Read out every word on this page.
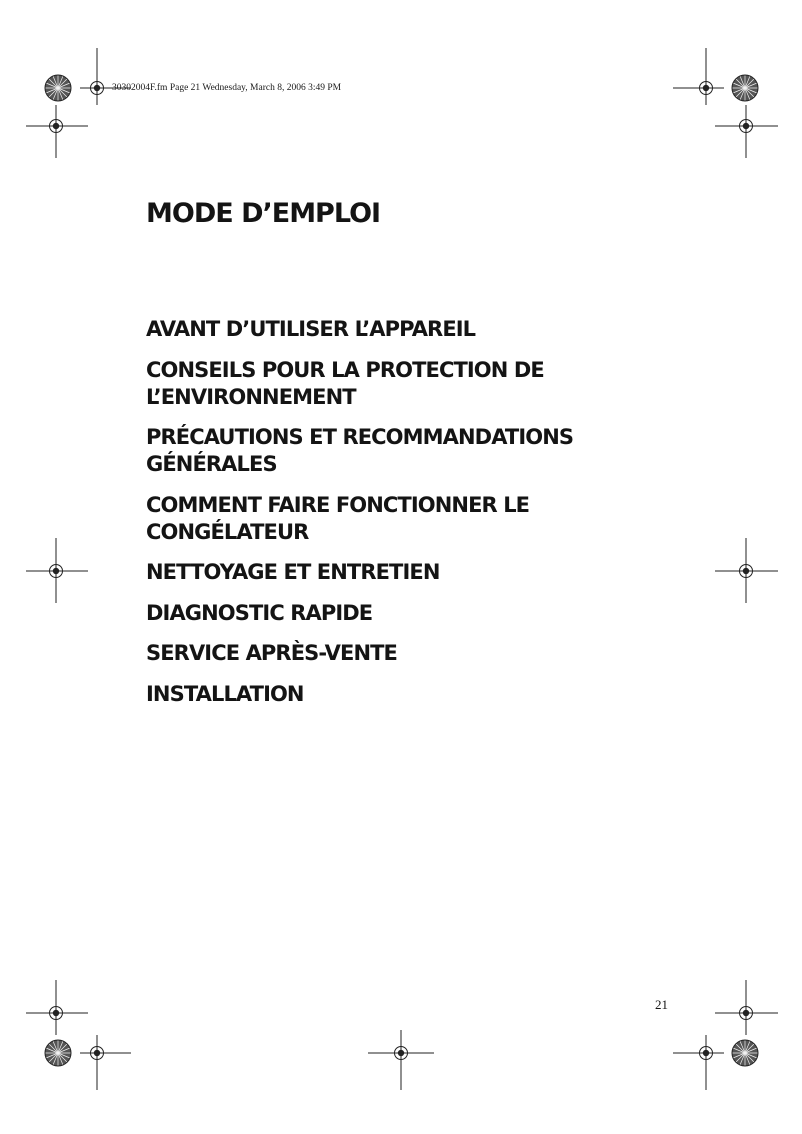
30302004F.fm Page 21 Wednesday, March 8, 2006 3:49 PM
MODE D’EMPLOI
AVANT D’UTILISER L’APPAREIL
CONSEILS POUR LA PROTECTION DE
L’ENVIRONNEMENT
PRÉCAUTIONS ET RECOMMANDATIONS
GÉNÉRALES
COMMENT FAIRE FONCTIONNER LE
CONGÉLATEUR
NETTOYAGE ET ENTRETIEN
DIAGNOSTIC RAPIDE
SERVICE APRÈS-VENTE
INSTALLATION
21
